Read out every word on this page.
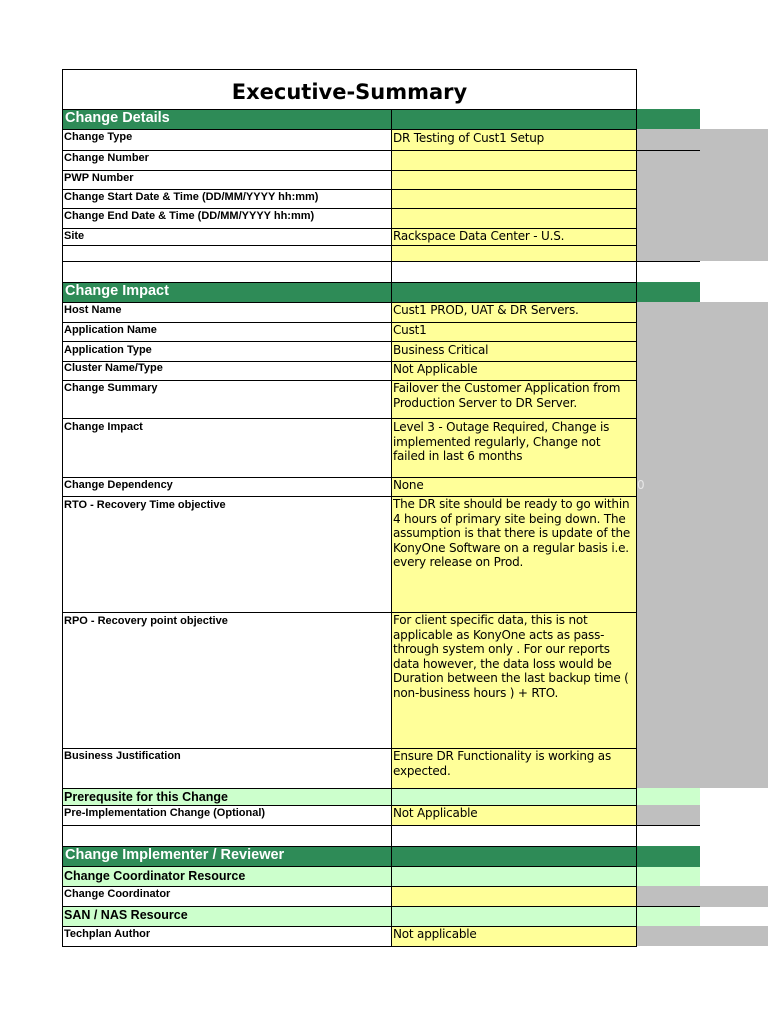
Executive-Summary
Change Details
Change Type	DR Testing of Cust1 Setup
Change Number
PWP Number
Change Start Date & Time (DD/MM/YYYY hh:mm)
Change End Date & Time (DD/MM/YYYY hh:mm)
Site	Rackspace Data Center - U.S.
Change Impact
Host Name	Cust1 PROD, UAT & DR Servers.
Application Name	Cust1
Application Type	Business Critical
Cluster Name/Type	Not Applicable
Change Summary	Failover the Customer Application from Production Server to DR Server.
Change Impact	Level 3 - Outage Required, Change is implemented regularly, Change not failed in last 6 months
Change Dependency	None	0
RTO - Recovery Time objective	The DR site should be ready to go within 4 hours of primary site being down. The assumption is that there is update of the KonyOne Software on a regular basis i.e. every release on Prod.
RPO - Recovery point objective	For client specific data, this is not applicable as KonyOne acts as pass-through system only . For our reports data however, the data loss would be Duration between the last backup time ( non-business hours ) + RTO.
Business Justification	Ensure DR Functionality is working as expected.
Prerequsite for this Change
Pre-Implementation Change (Optional)	Not Applicable
Change Implementer / Reviewer
Change Coordinator Resource
Change Coordinator
SAN / NAS Resource
Techplan Author	Not applicable
